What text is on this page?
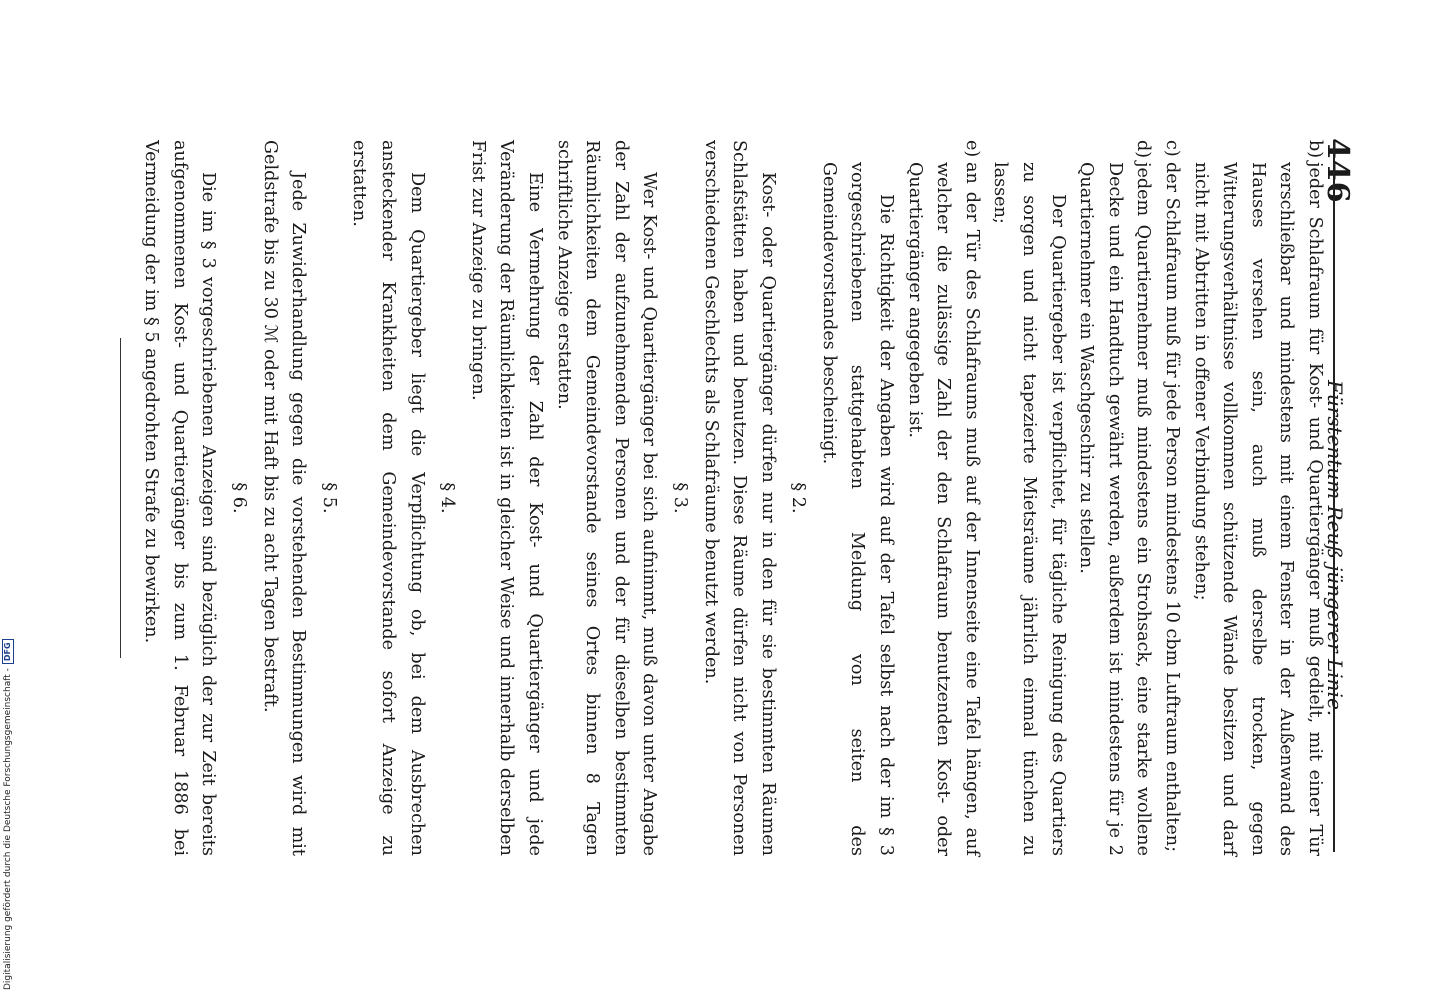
446
Fürstentum Reuß jüngerer Linie.
b)
jeder Schlafraum für Kost- und Quartiergänger muß gedielt, mit einer Tür verschließbar und mindestens mit einem Fenster in der Außenwand des Hauses versehen sein, auch muß derselbe trocken, gegen Witterungsverhältnisse vollkommen schützende Wände besitzen und darf nicht mit Abtritten in offener Verbindung stehen;
c)
der Schlafraum muß für jede Person mindestens 10 cbm Luftraum enthalten;
d)
jedem Quartiernehmer muß mindestens ein Strohsack, eine starke wollene Decke und ein Handtuch gewährt werden, außerdem ist mindestens für je 2 Quartiernehmer ein Waschgeschirr zu stellen.
Der Quartiergeber ist verpflichtet, für tägliche Reinigung des Quartiers zu sorgen und nicht tapezierte Mietsräume jährlich einmal tünchen zu lassen;
e)
an der Tür des Schlafraums muß auf der Innenseite eine Tafel hängen, auf welcher die zulässige Zahl der den Schlafraum benutzenden Kost- oder Quartiergänger angegeben ist.
Die Richtigkeit der Angaben wird auf der Tafel selbst nach der im § 3 vorgeschriebenen stattgehabten Meldung von seiten des Gemeindevorstandes bescheinigt.
§ 2.
Kost- oder Quartiergänger dürfen nur in den für sie bestimmten Räumen Schlafstätten haben und benutzen. Diese Räume dürfen nicht von Personen verschiedenen Geschlechts als Schlafräume benutzt werden.
§ 3.
Wer Kost- und Quartiergänger bei sich aufnimmt, muß davon unter Angabe der Zahl der aufzunehmenden Personen und der für dieselben bestimmten Räumlichkeiten dem Gemeindevorstande seines Ortes binnen 8 Tagen schriftliche Anzeige erstatten.
Eine Vermehrung der Zahl der Kost- und Quartiergänger und jede Veränderung der Räumlichkeiten ist in gleicher Weise und innerhalb derselben Frist zur Anzeige zu bringen.
§ 4.
Dem Quartiergeber liegt die Verpflichtung ob, bei dem Ausbrechen ansteckender Krankheiten dem Gemeindevorstande sofort Anzeige zu erstatten.
§ 5.
Jede Zuwiderhandlung gegen die vorstehenden Bestimmungen wird mit Geldstrafe bis zu 30 ℳ oder mit Haft bis zu acht Tagen bestraft.
§ 6.
Die im § 3 vorgeschriebenen Anzeigen sind bezüglich der zur Zeit bereits aufgenommenen Kost- und Quartiergänger bis zum 1. Februar 1886 bei Vermeidung der im § 5 angedrohten Strafe zu bewirken.
Digitalisierung gefördert durch die Deutsche Forschungsgemeinschaft -
DFG
